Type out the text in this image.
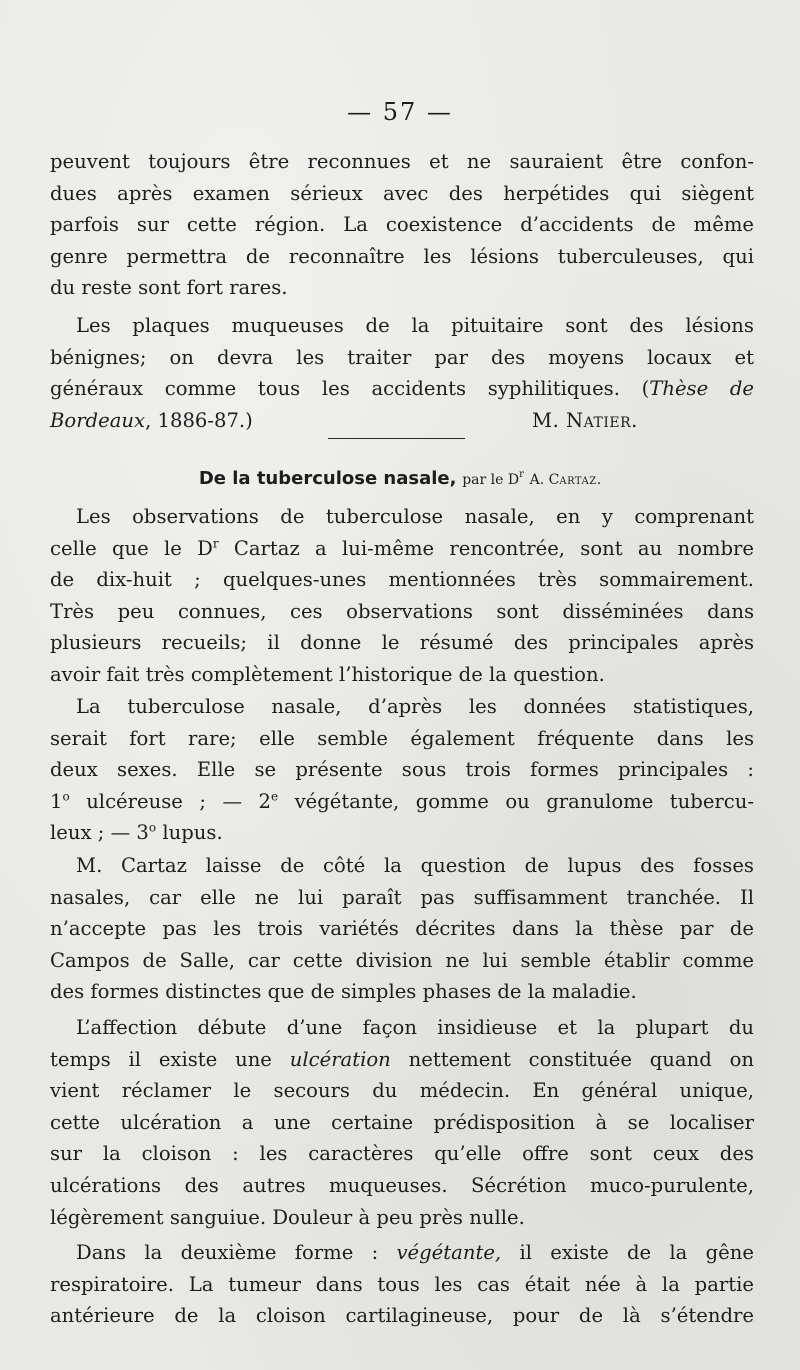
— 57 —
peuvent toujours être reconnues et ne sauraient être confon-
dues après examen sérieux avec des herpétides qui siègent
parfois sur cette région. La coexistence d’accidents de même
genre permettra de reconnaître les lésions tuberculeuses, qui
du reste sont fort rares.
Les plaques muqueuses de la pituitaire sont des lésions
bénignes; on devra les traiter par des moyens locaux et
généraux comme tous les accidents syphilitiques. (Thèse de
Bordeaux, 1886-87.)	M. Natier.
De la tuberculose nasale, par le $D^r$ A. Cartaz.
Les observations de tuberculose nasale, en y comprenant
celle que le $D^r$ Cartaz a lui-même rencontrée, sont au nombre
de dix-huit ; quelques-unes mentionnées très sommairement.
Très peu connues, ces observations sont disséminées dans
plusieurs recueils; il donne le résumé des principales après
avoir fait très complètement l’historique de la question.
La tuberculose nasale, d’après les données statistiques,
serait fort rare; elle semble également fréquente dans les
deux sexes. Elle se présente sous trois formes principales :
1$^o$ ulcéreuse ; — 2e végétante, gomme ou granulome tubercu-
leux ; — 3$^o$ lupus.
M. Cartaz laisse de côté la question de lupus des fosses
nasales, car elle ne lui paraît pas suffisamment tranchée. Il
n’accepte pas les trois variétés décrites dans la thèse par de
Campos de Salle, car cette division ne lui semble établir comme
des formes distinctes que de simples phases de la maladie.
L’affection débute d’une façon insidieuse et la plupart du
temps il existe une ulcération nettement constituée quand on
vient réclamer le secours du médecin. En général unique,
cette ulcération a une certaine prédisposition à se localiser
sur la cloison : les caractères qu’elle offre sont ceux des
ulcérations des autres muqueuses. Sécrétion muco-purulente,
légèrement sanguiue. Douleur à peu près nulle.
Dans la deuxième forme : végétante, il existe de la gêne
respiratoire. La tumeur dans tous les cas était née à la partie
antérieure de la cloison cartilagineuse, pour de là s’étendre
